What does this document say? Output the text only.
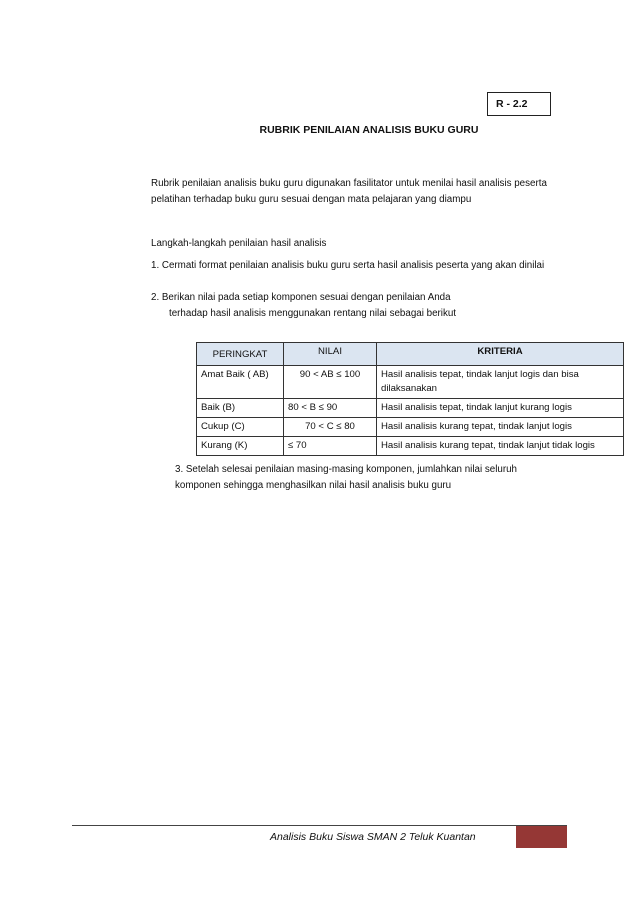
R - 2.2
RUBRIK PENILAIAN ANALISIS BUKU GURU
Rubrik penilaian analisis buku guru digunakan fasilitator untuk menilai hasil analisis peserta pelatihan terhadap buku guru sesuai dengan mata pelajaran yang diampu
Langkah-langkah penilaian hasil analisis
1. Cermati format penilaian analisis buku guru serta hasil analisis peserta yang akan dinilai
2. Berikan nilai pada setiap komponen sesuai dengan penilaian Anda
terhadap hasil analisis menggunakan rentang nilai sebagai berikut
PERINGKAT	NILAI	KRITERIA
Amat Baik ( AB)	90 < AB ≤ 100	Hasil analisis tepat, tindak lanjut logis dan bisa dilaksanakan
Baik (B)	80 < B ≤ 90	Hasil analisis tepat, tindak lanjut kurang logis
Cukup (C)	70 < C ≤ 80	Hasil analisis kurang tepat, tindak lanjut logis
Kurang (K)	≤ 70	Hasil analisis kurang tepat, tindak lanjut tidak logis
3. Setelah selesai penilaian masing-masing komponen, jumlahkan nilai seluruh komponen sehingga menghasilkan nilai hasil analisis buku guru
Analisis Buku Siswa SMAN 2 Teluk Kuantan
